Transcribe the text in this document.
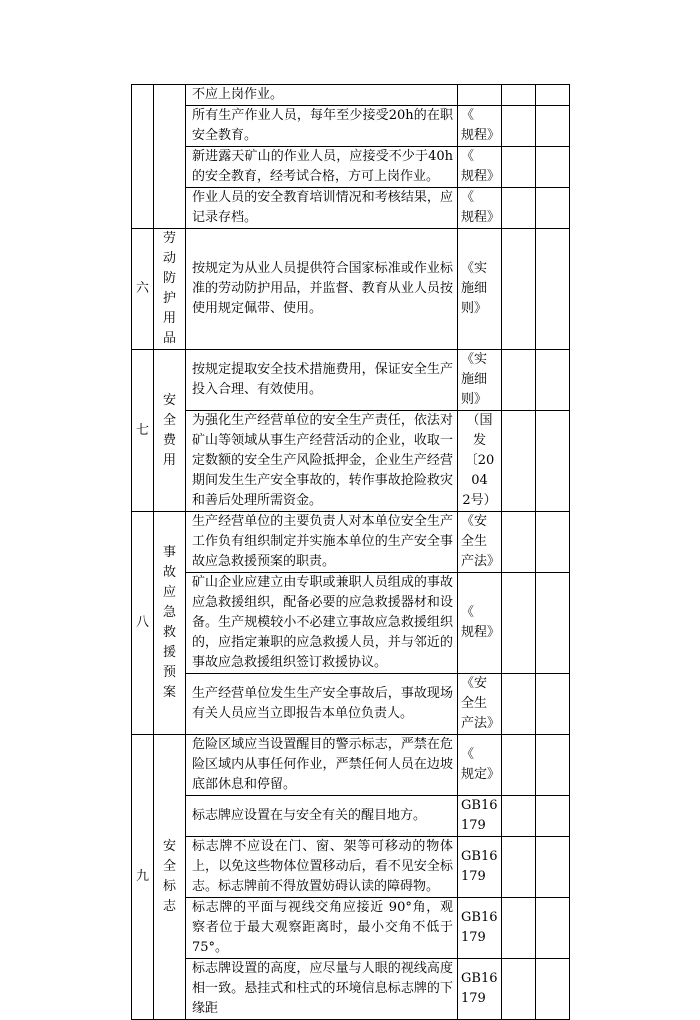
		不应上岗作业。			

		所有生产作业人员，每年至少接受20h的在职安全教育。	《　规程》		

		新进露天矿山的作业人员，应接受不少于40h的安全教育，经考试合格，方可上岗作业。	《　规程》		

		作业人员的安全教育培训情况和考核结果，应记录存档。	《　规程》		

六	劳动防护用品	按规定为从业人员提供符合国家标准或作业标准的劳动防护用品，并监督、教育从业人员按使用规定佩带、使用。	《实施细则》		

七	安全费用	按规定提取安全技术措施费用，保证安全生产投入合理、有效使用。	《实施细则》		

		为强化生产经营单位的安全生产责任，依法对矿山等领域从事生产经营活动的企业，收取一定数额的安全生产风险抵押金，企业生产经营期间发生生产安全事故的，转作事故抢险救灾和善后处理所需资金。	（国发
〔2004
2号）		

八	事故应急救援预案	生产经营单位的主要负责人对本单位安全生产工作负有组织制定并实施本单位的生产安全事故应急救援预案的职责。	《安全生　产法》		

		矿山企业应建立由专职或兼职人员组成的事故应急救援组织，配备必要的应急救援器材和设备。生产规模较小不必建立事故应急救援组织的，应指定兼职的应急救援人员，并与邻近的事故应急救援组织签订救援协议。	《　规程》		

		生产经营单位发生生产安全事故后，事故现场有关人员应当立即报告本单位负责人。	《安全生　产法》		

九	安全标志	危险区域应当设置醒目的警示标志，严禁在危险区域内从事任何作业，严禁任何人员在边坡底部休息和停留。	《　规定》		

		标志牌应设置在与安全有关的醒目地方。	GB16179		

		标志牌不应设在门、窗、架等可移动的物体上，以免这些物体位置移动后，看不见安全标志。标志牌前不得放置妨碍认读的障碍物。	GB16179		

		标志牌的平面与视线交角应接近 90°角，观察者位于最大观察距离时，最小交角不低于 75°。	GB16179		

		标志牌设置的高度，应尽量与人眼的视线高度相一致。悬挂式和柱式的环境信息标志牌的下缘距	GB16179		
